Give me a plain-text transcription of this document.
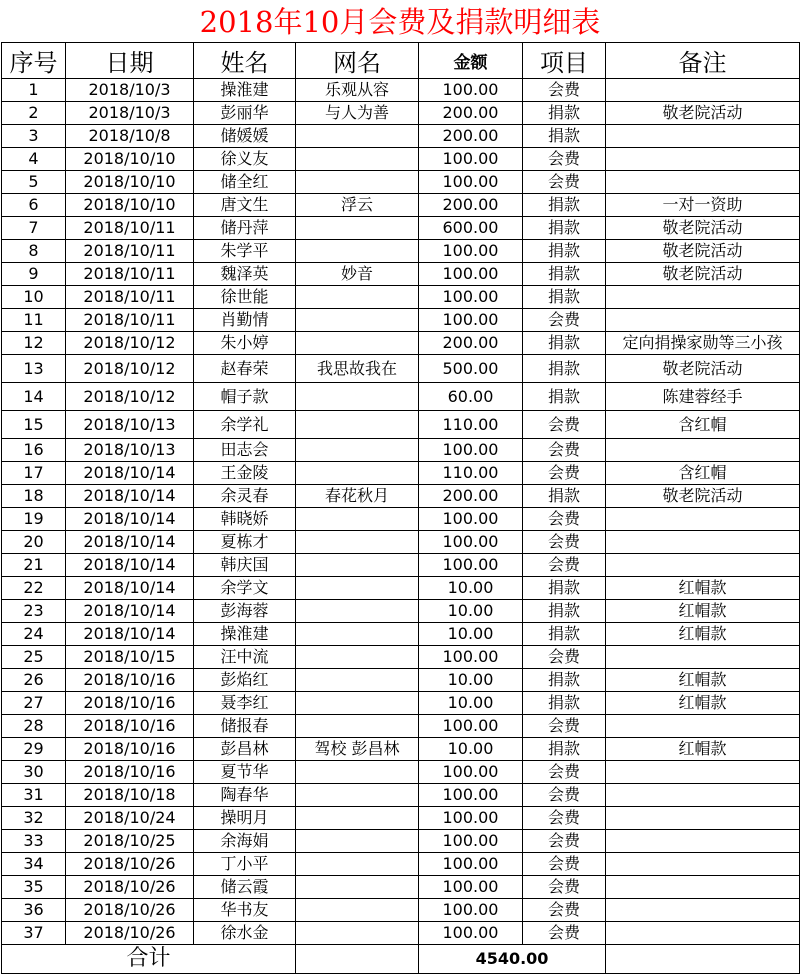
2018年10月会费及捐款明细表
序号	日期	姓名	网名	金额	项目	备注
1	2018/10/3	操淮建	乐观从容	100.00	会费	
2	2018/10/3	彭丽华	与人为善	200.00	捐款	敬老院活动
3	2018/10/8	储媛媛		200.00	捐款	
4	2018/10/10	徐义友		100.00	会费	
5	2018/10/10	储全红		100.00	会费	
6	2018/10/10	唐文生	浮云	200.00	捐款	一对一资助
7	2018/10/11	储丹萍		600.00	捐款	敬老院活动
8	2018/10/11	朱学平		100.00	捐款	敬老院活动
9	2018/10/11	魏泽英	妙音	100.00	捐款	敬老院活动
10	2018/10/11	徐世能		100.00	捐款	
11	2018/10/11	肖勤情		100.00	会费	
12	2018/10/12	朱小婷		200.00	捐款	定向捐操家勋等三小孩
13	2018/10/12	赵春荣	我思故我在	500.00	捐款	敬老院活动
14	2018/10/12	帽子款		60.00	捐款	陈建蓉经手
15	2018/10/13	余学礼		110.00	会费	含红帽
16	2018/10/13	田志会		100.00	会费	
17	2018/10/14	王金陵		110.00	会费	含红帽
18	2018/10/14	余灵春	春花秋月	200.00	捐款	敬老院活动
19	2018/10/14	韩晓娇		100.00	会费	
20	2018/10/14	夏栋才		100.00	会费	
21	2018/10/14	韩庆国		100.00	会费	
22	2018/10/14	余学文		10.00	捐款	红帽款
23	2018/10/14	彭海蓉		10.00	捐款	红帽款
24	2018/10/14	操淮建		10.00	捐款	红帽款
25	2018/10/15	汪中流		100.00	会费	
26	2018/10/16	彭焰红		10.00	捐款	红帽款
27	2018/10/16	聂李红		10.00	捐款	红帽款
28	2018/10/16	储报春		100.00	会费	
29	2018/10/16	彭昌林	驾校 彭昌林	10.00	捐款	红帽款
30	2018/10/16	夏节华		100.00	会费	
31	2018/10/18	陶春华		100.00	会费	
32	2018/10/24	操明月		100.00	会费	
33	2018/10/25	余海娟		100.00	会费	
34	2018/10/26	丁小平		100.00	会费	
35	2018/10/26	储云霞		100.00	会费	
36	2018/10/26	华书友		100.00	会费	
37	2018/10/26	徐水金		100.00	会费	
合计				4540.00		
